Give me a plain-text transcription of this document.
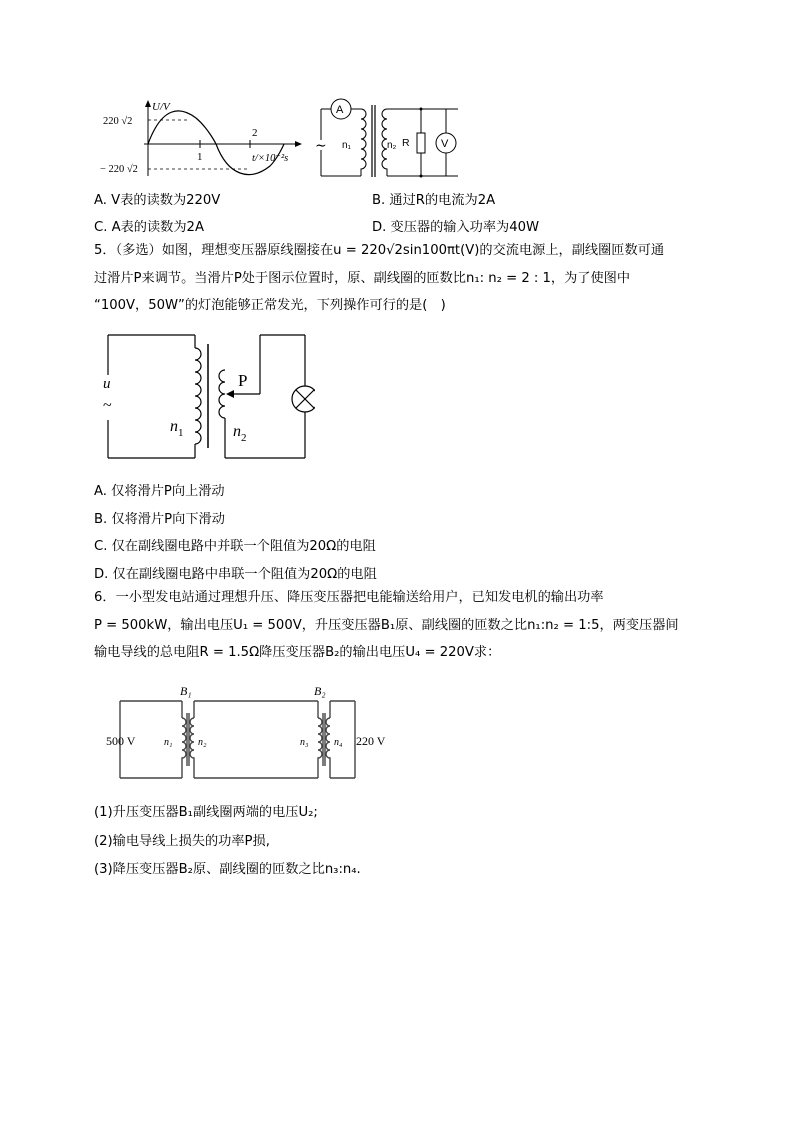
U/V
220 √2
− 220 √2
1
2
t/×10⁻²s
A
∼ n₁	n₂ R	V
A. V表的读数为220V	B. 通过R的电流为2A
C. A表的读数为2A	D. 变压器的输入功率为40W
5．（多选）如图，理想变压器原线圈接在u = 220√2sin100πt(V)的交流电源上，副线圈匝数可通
过滑片P来调节。当滑片P处于图示位置时，原、副线圈的匝数比n₁: n₂ = 2 : 1，为了使图中
“100V，50W”的灯泡能够正常发光，下列操作可行的是(　)
u
~
P
$n_1$	$n_2$
A. 仅将滑片P向上滑动
B. 仅将滑片P向下滑动
C. 仅在副线圈电路中并联一个阻值为20Ω的电阻
D. 仅在副线圈电路中串联一个阻值为20Ω的电阻
6．一小型发电站通过理想升压、降压变压器把电能输送给用户，已知发电机的输出功率
P = 500kW，输出电压U₁ = 500V，升压变压器B₁原、副线圈的匝数之比n₁:n₂ = 1:5，两变压器间
输电导线的总电阻R = 1.5Ω降压变压器B₂的输出电压U₄ = 220V求：
B₁	B₂
500 V	220 V
n₁	n₂	n₃	n₄
(1)升压变压器B₁副线圈两端的电压U₂;
(2)输电导线上损失的功率P损,
(3)降压变压器B₂原、副线圈的匝数之比n₃:n₄.
